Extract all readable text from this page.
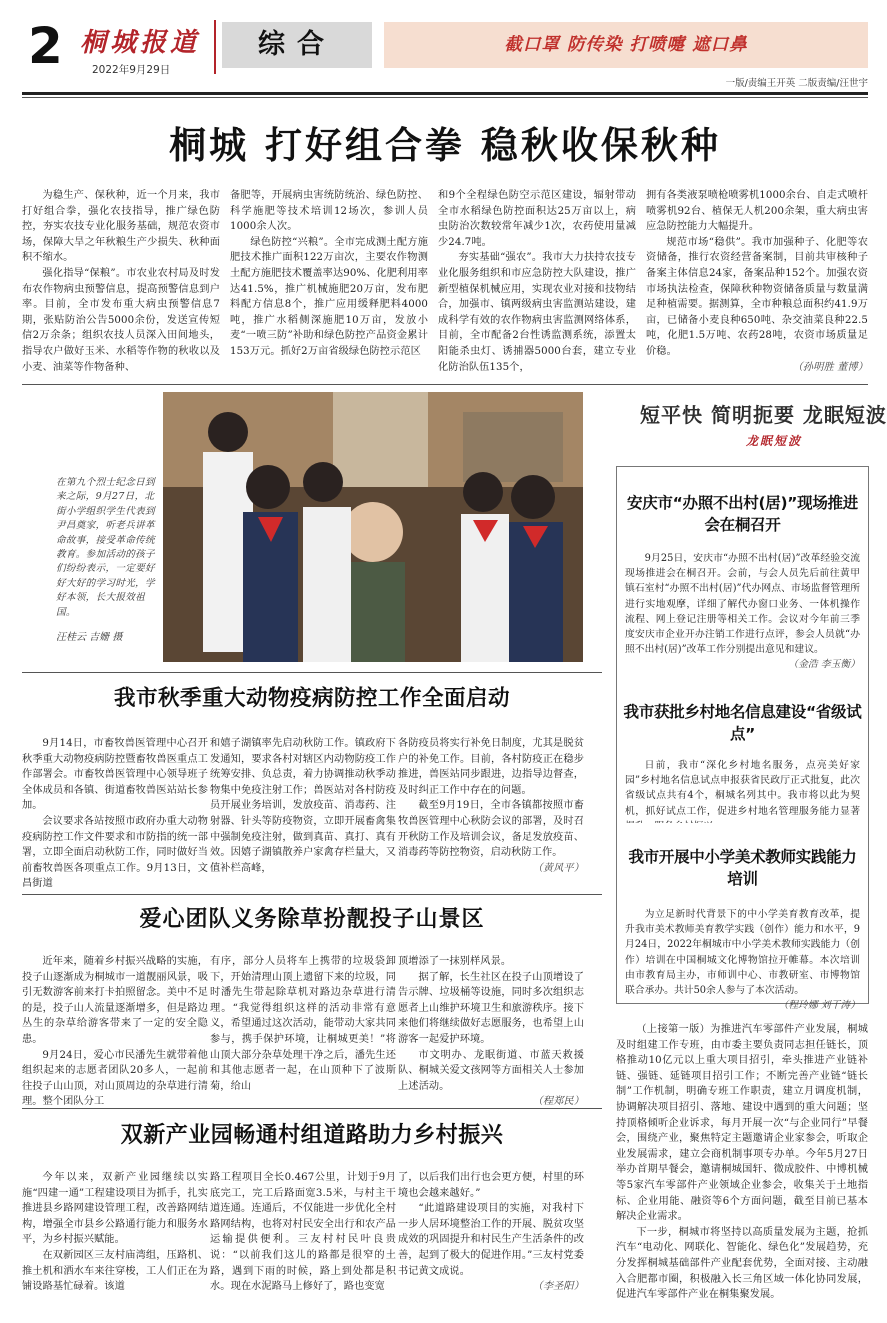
2 桐城报道
2022年9月29日
综合	截口罩 防传染 打喷嚏 遮口鼻
一版/责编王开英 二版责编/汪世宇
桐城 打好组合拳 稳秋收保秋种

为稳生产、保秋种，近一个月来，我市打好组合拳，强化农技指导，推广绿色防控，夯实农技专业化服务基础，规范农资市场，保障大旱之年秋粮生产少损失、秋种面积不缩水。

强化指导“保粮”。市农业农村局及时发布农作物病虫预警信息，提高预警信息到户率。目前，全市发布重大病虫预警信息7期，张贴防治公告5000余份，发送宣传短信2万余条；组织农技人员深入田间地头，指导农户做好玉米、水稻等作物的秋收以及小麦、油菜等作物备种、

备肥等，开展病虫害统防统治、绿色防控、科学施肥等技术培训12场次，参训人员1000余人次。

绿色防控“兴粮”。全市完成测土配方施肥技术推广面积122万亩次，主要农作物测土配方施肥技术覆盖率达90%、化肥利用率达41.5%，推广机械施肥20万亩，发布肥料配方信息8个，推广应用缓释肥料4000吨，推广水稻侧深施肥10万亩，发放小麦“一喷三防”补助和绿色防控产品资金累计153万元。抓好2万亩省级绿色防控示范区

和9个全程绿色防空示范区建设，辐射带动全市水稻绿色防控面积达25万亩以上，病虫防治次数较常年减少1次，农药使用量减少24.7吨。

夯实基础“强农”。我市大力扶持农技专业化服务组织和市应急防控大队建设，推广新型植保机械应用，实现农业对接和技物结合，加强市、镇两级病虫害监测站建设，建成科学有效的农作物病虫害监测网络体系，目前，全市配备2台性诱监测系统，添置太阳能杀虫灯、诱捕器5000台套，建立专业化防治队伍135个，

拥有各类液泵喷枪喷雾机1000余台、自走式喷杆喷雾机92台、植保无人机200余架，重大病虫害应急防控能力大幅提升。

规范市场“稳供”。我市加强种子、化肥等农资储备，推行农资经营备案制，目前共审核种子备案主体信息24家，备案品种152个。加强农资市场执法检查，保障秋种物资储备质量与数量满足种植需要。据测算，全市种粮总面积约41.9万亩，已储备小麦良种650吨、杂交油菜良种22.5吨，化肥1.5万吨、农药28吨，农资市场质量足价稳。

（孙明胜 董博）
在第九个烈士纪念日到来之际，9月27日，北街小学组织学生代表到尹昌奠家，听老兵讲革命故事，接受革命传统教育。参加活动的孩子们纷纷表示，一定要好好大好的学习时光，学好本领，长大报效祖国。
汪桂云 吉姗 摄
短平快 简明扼要 龙眠短波
龙眠短波
安庆市“办照不出村(居)”现场推进会在桐召开

9月25日，安庆市“办照不出村(居)”改革经验交流现场推进会在桐召开。会前，与会人员先后前往黄甲镇石室村“办照不出村(居)”代办网点、市场监督管理所进行实地观摩，详细了解代办窗口业务、一体机操作流程、网上登记注册等相关工作。会议对今年前三季度安庆市企业开办注销工作进行点评，参会人员就“办照不出村(居)”改革工作分别提出意见和建议。

（金浩 李玉衡）
我市获批乡村地名信息建设“省级试点”

日前，我市“深化乡村地名服务，点亮美好家园”乡村地名信息试点申报获省民政厅正式批复，此次省级试点共有4个，桐城名列其中。我市将以此为契机，抓好试点工作，促进乡村地名管理服务能力显著

我市开展中小学美术教师实践能力培训

为立足新时代背景下的中小学美育教育改革，提升我市美术教师美育教学实践（创作）能力和水平，9月24日，2022年桐城市中小学美术教师实践能力（创作）培训在中国桐城文化博物馆拉开帷幕。本次培训由市教育局主办，市师训中心、市教研室、市博物馆联合承办。共计50余人参与了本次活动。

（程玲娜 刘干涛）

（上接第一版）为推进汽车零部件产业发展，桐城及时组建工作专班，由市委主要负责同志担任链长，顶格推动10亿元以上重大项目招引，牵头推进产业链补链、强链、延链项目招引工作；不断完善产业链“链长制”工作机制，明确专班工作职责，建立月调度机制，协调解决项目招引、落地、建设中遇到的重大问题；坚持顶格倾听企业诉求，每月开展一次“与企业同行”早餐会，围绕产业，聚焦特定主题邀请企业家参会，听取企业发展需求，建立会商机制事项专办单。今年5月27日举办首期早餐会，邀请桐城国轩、微成胶件、中博机械等5家汽车零部件产业领域企业参会，收集关于土地指标、企业用能、融资等6个方面问题，截至目前已基本解决企业需求。

下一步，桐城市将坚持以高质量发展为主题，抢抓汽车“电动化、网联化、智能化、绿色化”发展趋势，充分发挥桐城基础部件产业配套优势，全面对接、主动融入合肥都市圈，积极融入长三角区域一体化协同发展，促进汽车零部件产业在桐集聚发展。

我市秋季重大动物疫病防控工作全面启动

9月14日，市畜牧兽医管理中心召开秋季重大动物疫病防控暨畜牧兽医重点工作部署会。市畜牧兽医管理中心领导班子全体成员和各镇、街道畜牧兽医站站长参加。

会议要求各站按照市政府办重大动物疫病防控工作文件要求和市防指的统一部署，立即全面启动秋防工作，同时做好当前畜牧兽医各项重点工作。9月13日，文昌街道

和嬉子湖镇率先启动秋防工作。镇政府下发通知，要求各村对辖区内动物防疫工作统筹安排、负总责，着力协调推动秋季动物集中免疫注射工作；兽医站对各村防疫员开展业务培训，发放疫苗、消毒药、注射器、针头等防疫物资，立即开展畜禽集中强制免疫注射，做到真苗、真打、真有效。因嬉子湖镇散养户家禽存栏量大，又值补栏高峰，

各防疫员将实行补免日制度，尤其是脱贫户的补免工作。目前，各村防疫正在稳步推进，兽医站同步跟进，边指导边督查，及时纠正工作中存在的问题。

截至9月19日，全市各镇都按照市畜牧兽医管理中心秋防会议的部署，及时召开秋防工作及培训会议，备足发放疫苗、消毒药等防控物资，启动秋防工作。

（黄风平）
爱心团队义务除草扮靓投子山景区

近年来，随着乡村振兴战略的实施，投子山逐渐成为桐城市一道靓丽风景，吸引无数游客前来打卡拍照留念。美中不足的是，投子山人流量逐渐增多，但是路边丛生的杂草给游客带来了一定的安全隐患。

9月24日，爱心市民潘先生就带着他组织起来的志愿者团队20多人，一起前往投子山山顶，对山顶周边的杂草进行清理。整个团队分工

有序，部分人员将车上携带的垃圾袋卸下，开始清理山顶上遗留下来的垃圾，同时潘先生带起除草机对路边杂草进行清理。“我觉得组织这样的活动非常有意义，希望通过这次活动，能带动大家共同参与，携手保护环境，让桐城更美！”将山顶大部分杂草处理干净之后，潘先生还和其他志愿者一起，在山顶种下了波斯菊，给山

顶增添了一抹别样风景。

据了解，长生社区在投子山顶增设了告示牌、垃圾桶等设施，同时多次组织志愿者上山维护环境卫生和旅游秩序。接下来他们将继续做好志愿服务，也希望上山游客一起爱护环境。

市文明办、龙眠街道、市蓝天救援队、桐城关爱文孩网等方面相关人士参加上述活动。

（程郑民）
双新产业园畅通村组道路助力乡村振兴

今年以来，双新产业园继续以实施“四建一通”工程建设项目为抓手，扎实推进县乡路网建设管理工程，改善路网结构，增强全市县乡公路通行能力和服务水平，为乡村振兴赋能。

在双新园区三友村庙湾组，压路机、推土机和洒水车来往穿梭，工人们正在为铺设路基忙碌着。该道

路工程项目全长0.467公里，计划于9月底完工，完工后路面宽3.5米，与村主干道连通。连通后，不仅能进一步优化全村路网结构，也将对村民安全出行和农产品运输提供便利。三友村村民叶良贵说：“以前我们这儿的路都是很窄的土路，遇到下雨的时候，路上到处都是积水。现在水泥路马上修好了，路也变宽

了，以后我们出行也会更方便，村里的环境也会越来越好。”

“此道路建设项目的实施，对我村下一步人居环境整治工作的开展、脱贫攻坚成效的巩固提升和村民生产生活条件的改善，起到了极大的促进作用。”三友村党委书记黄文成说。

（李圣阳）
